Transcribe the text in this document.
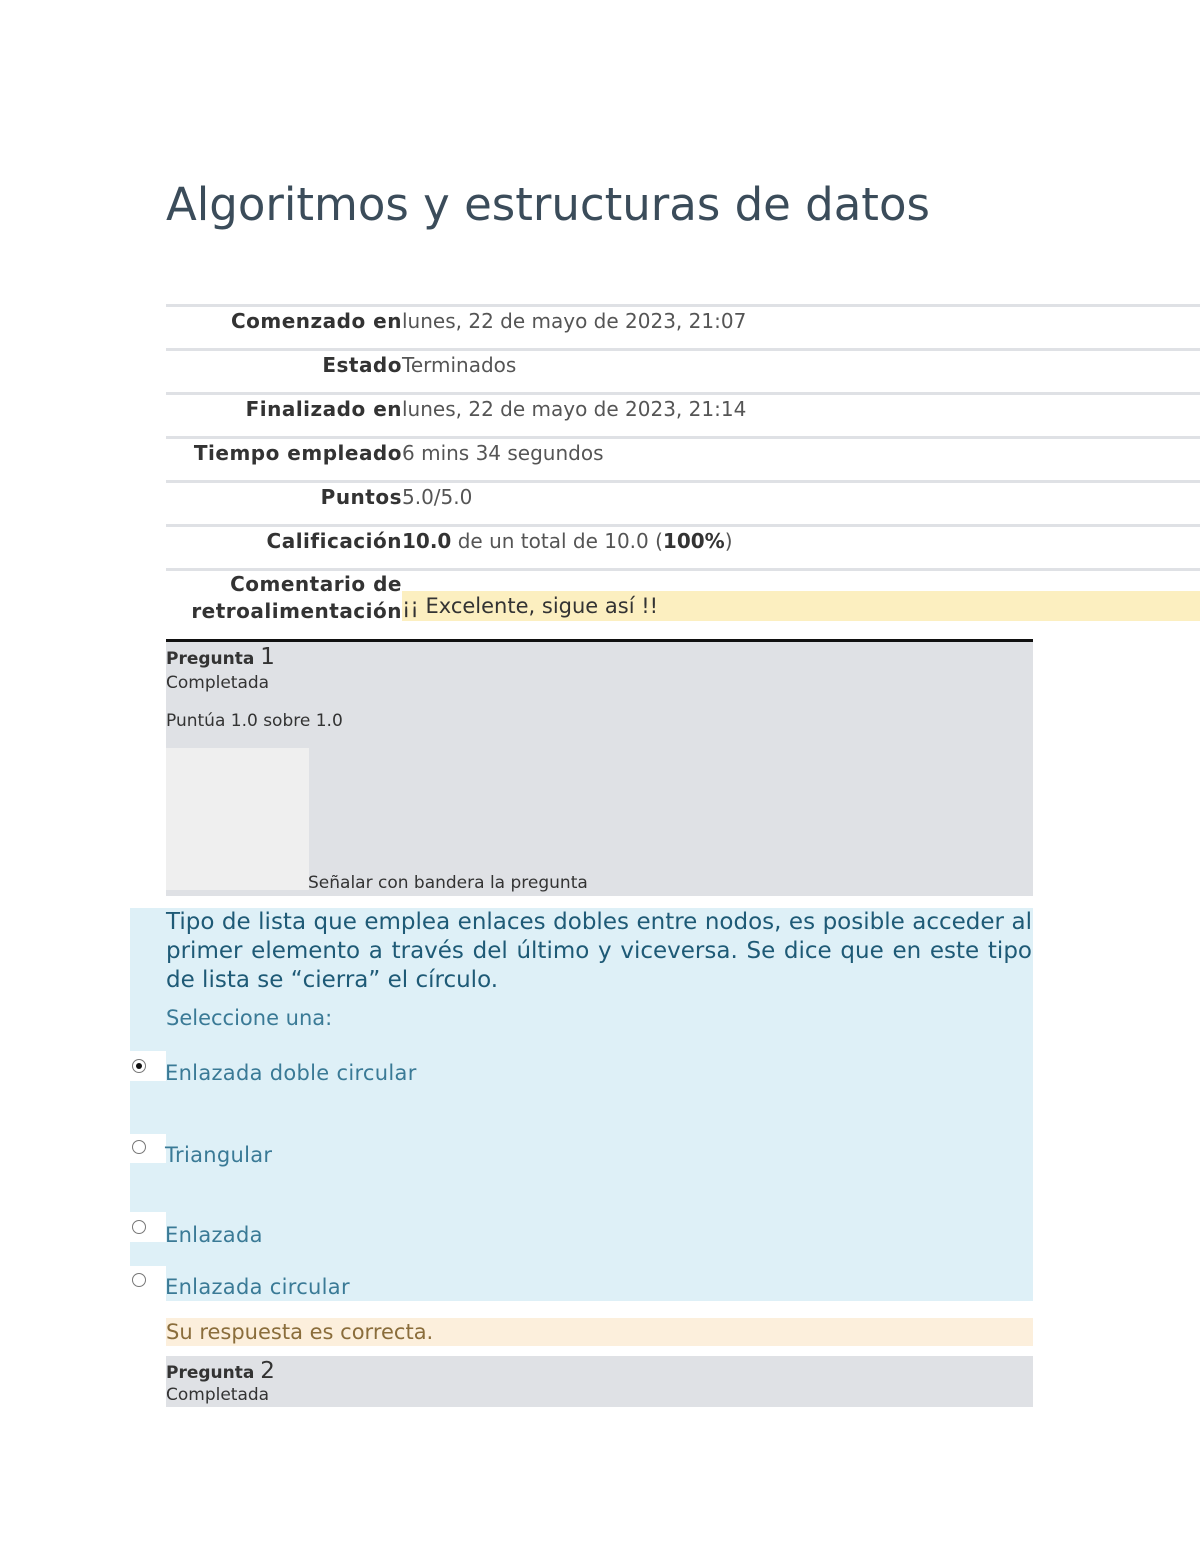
Algoritmos y estructuras de datos
Comenzado en lunes, 22 de mayo de 2023, 21:07
Estado Terminados
Finalizado en lunes, 22 de mayo de 2023, 21:14
Tiempo empleado 6 mins 34 segundos
Puntos 5.0/5.0
Calificación 10.0 de un total de 10.0 (100%)
Comentario de
retroalimentación ¡¡ Excelente, sigue así !!
Pregunta 1
Completada
Puntúa 1.0 sobre 1.0
Señalar con bandera la pregunta

Tipo de lista que emplea enlaces dobles entre nodos, es posible acceder al primer elemento a través del último y viceversa. Se dice que en este tipo de lista se “cierra” el círculo.

Seleccione una:
Enlazada doble circular
Triangular
Enlazada
Enlazada circular
Su respuesta es correcta.
Pregunta 2
Completada
